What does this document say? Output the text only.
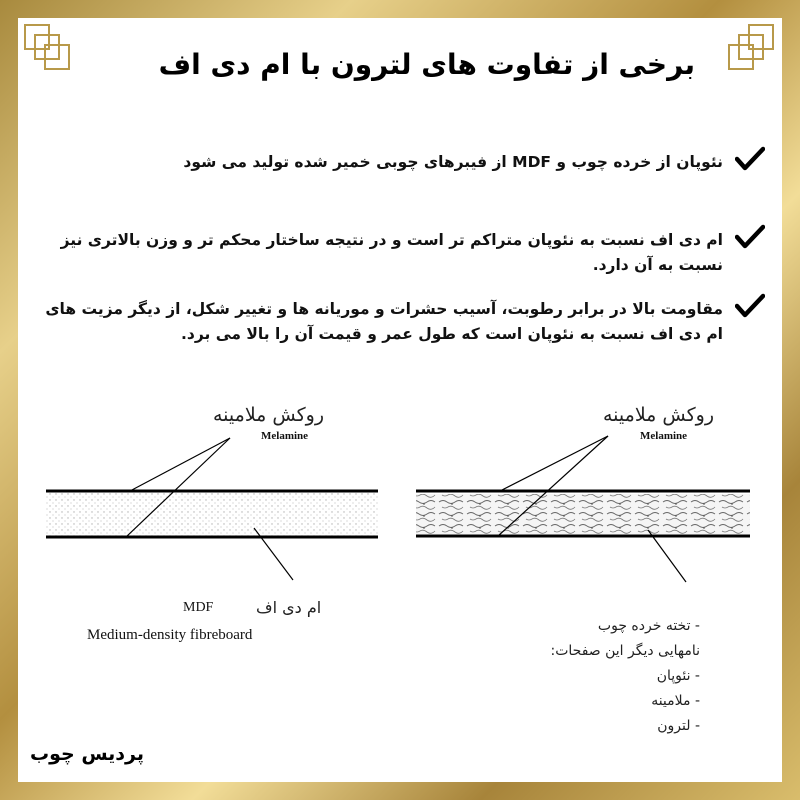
برخی از تفاوت های لترون با ام دی اف
نئوپان از خرده چوب و MDF از فیبرهای چوبی خمیر شده تولید می شود
ام دی اف نسبت به نئوپان متراکم تر است و در نتیجه ساختار محکم تر و وزن بالاتری نیز نسبت به آن دارد.
مقاومت بالا در برابر رطوبت، آسیب حشرات و موریانه ها و تغییر شکل، از دیگر مزیت های ام دی اف نسبت به نئوپان است که طول عمر و قیمت آن را بالا می برد.
روکش ملامینه
Melamine
روکش ملامینه
Melamine
ام دی اف
MDF
Medium-density fibreboard
- تخته خرده چوب
نامهایی دیگر این صفحات:
- نئوپان
- ملامینه
- لترون
پردیس چوب
